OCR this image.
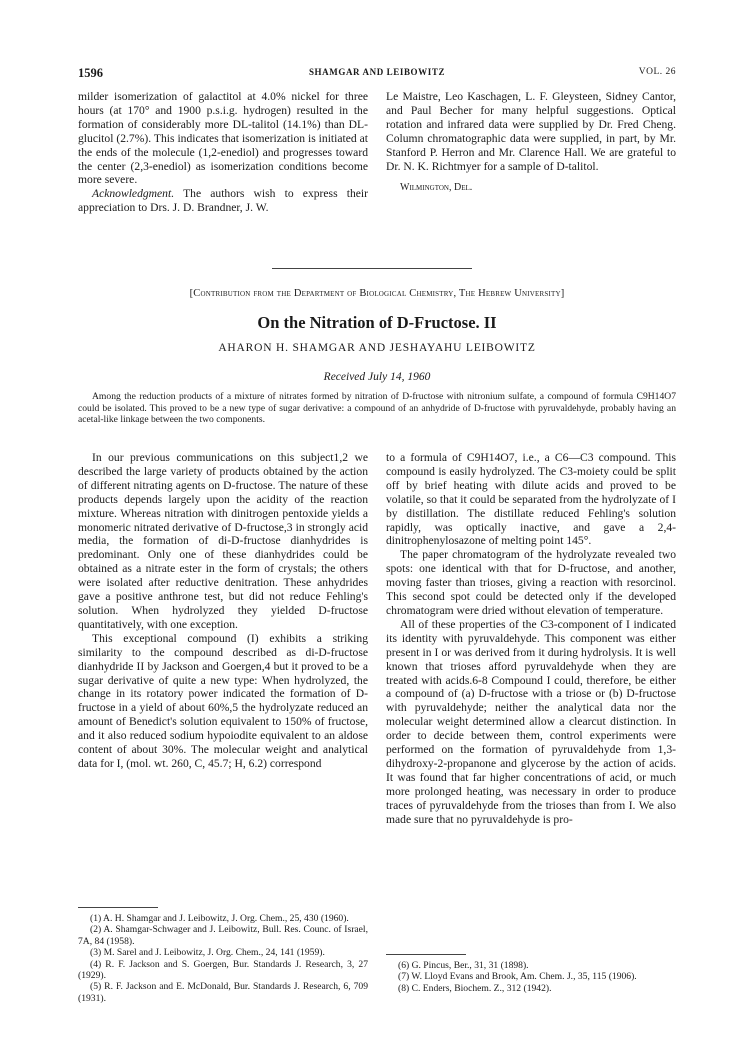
1596	SHAMGAR AND LEIBOWITZ	VOL. 26

milder isomerization of galactitol at 4.0% nickel for three hours (at 170° and 1900 p.s.i.g. hydrogen) resulted in the formation of considerably more DL-talitol (14.1%) than DL-glucitol (2.7%). This indicates that isomerization is initiated at the ends of the molecule (1,2-enediol) and progresses toward the center (2,3-enediol) as isomerization conditions become more severe.

Acknowledgment. The authors wish to express their appreciation to Drs. J. D. Brandner, J. W.

Le Maistre, Leo Kaschagen, L. F. Gleysteen, Sidney Cantor, and Paul Becher for many helpful suggestions. Optical rotation and infrared data were supplied by Dr. Fred Cheng. Column chromatographic data were supplied, in part, by Mr. Stanford P. Herron and Mr. Clarence Hall. We are grateful to Dr. N. K. Richtmyer for a sample of D-talitol.

Wilmington, Del.

[Contribution from the Department of Biological Chemistry, The Hebrew University]
On the Nitration of D-Fructose. II
AHARON H. SHAMGAR AND JESHAYAHU LEIBOWITZ
Received July 14, 1960
Among the reduction products of a mixture of nitrates formed by nitration of D-fructose with nitronium sulfate, a compound of formula C9H14O7 could be isolated. This proved to be a new type of sugar derivative: a compound of an anhydride of D-fructose with pyruvaldehyde, probably having an acetal-like linkage between the two components.

In our previous communications on this subject1,2 we described the large variety of products obtained by the action of different nitrating agents on D-fructose. The nature of these products depends largely upon the acidity of the reaction mixture. Whereas nitration with dinitrogen pentoxide yields a monomeric nitrated derivative of D-fructose,3 in strongly acid media, the formation of di-D-fructose dianhydrides is predominant. Only one of these dianhydrides could be obtained as a nitrate ester in the form of crystals; the others were isolated after reductive denitration. These anhydrides gave a positive anthrone test, but did not reduce Fehling's solution. When hydrolyzed they yielded D-fructose quantitatively, with one exception.

This exceptional compound (I) exhibits a striking similarity to the compound described as di-D-fructose dianhydride II by Jackson and Goergen,4 but it proved to be a sugar derivative of quite a new type: When hydrolyzed, the change in its rotatory power indicated the formation of D-fructose in a yield of about 60%,5 the hydrolyzate reduced an amount of Benedict's solution equivalent to 150% of fructose, and it also reduced sodium hypoiodite equivalent to an aldose content of about 30%. The molecular weight and analytical data for I, (mol. wt. 260, C, 45.7; H, 6.2) correspond

to a formula of C9H14O7, i.e., a C6—C3 compound. This compound is easily hydrolyzed. The C3-moiety could be split off by brief heating with dilute acids and proved to be volatile, so that it could be separated from the hydrolyzate of I by distillation. The distillate reduced Fehling's solution rapidly, was optically inactive, and gave a 2,4-dinitrophenylosazone of melting point 145°.

The paper chromatogram of the hydrolyzate revealed two spots: one identical with that for D-fructose, and another, moving faster than trioses, giving a reaction with resorcinol. This second spot could be detected only if the developed chromatogram were dried without elevation of temperature.

All of these properties of the C3-component of I indicated its identity with pyruvaldehyde. This component was either present in I or was derived from it during hydrolysis. It is well known that trioses afford pyruvaldehyde when they are treated with acids.6-8 Compound I could, therefore, be either a compound of (a) D-fructose with a triose or (b) D-fructose with pyruvaldehyde; neither the analytical data nor the molecular weight determined allow a clearcut distinction. In order to decide between them, control experiments were performed on the formation of pyruvaldehyde from 1,3-dihydroxy-2-propanone and glycerose by the action of acids. It was found that far higher concentrations of acid, or much more prolonged heating, was necessary in order to produce traces of pyruvaldehyde from the trioses than from I. We also made sure that no pyruvaldehyde is pro-

(1) A. H. Shamgar and J. Leibowitz, J. Org. Chem., 25, 430 (1960).
(2) A. Shamgar-Schwager and J. Leibowitz, Bull. Res. Counc. of Israel, 7A, 84 (1958).
(3) M. Sarel and J. Leibowitz, J. Org. Chem., 24, 141 (1959).
(4) R. F. Jackson and S. Goergen, Bur. Standards J. Research, 3, 27 (1929).
(5) R. F. Jackson and E. McDonald, Bur. Standards J. Research, 6, 709 (1931).
(6) G. Pincus, Ber., 31, 31 (1898).
(7) W. Lloyd Evans and Brook, Am. Chem. J., 35, 115 (1906).
(8) C. Enders, Biochem. Z., 312 (1942).
